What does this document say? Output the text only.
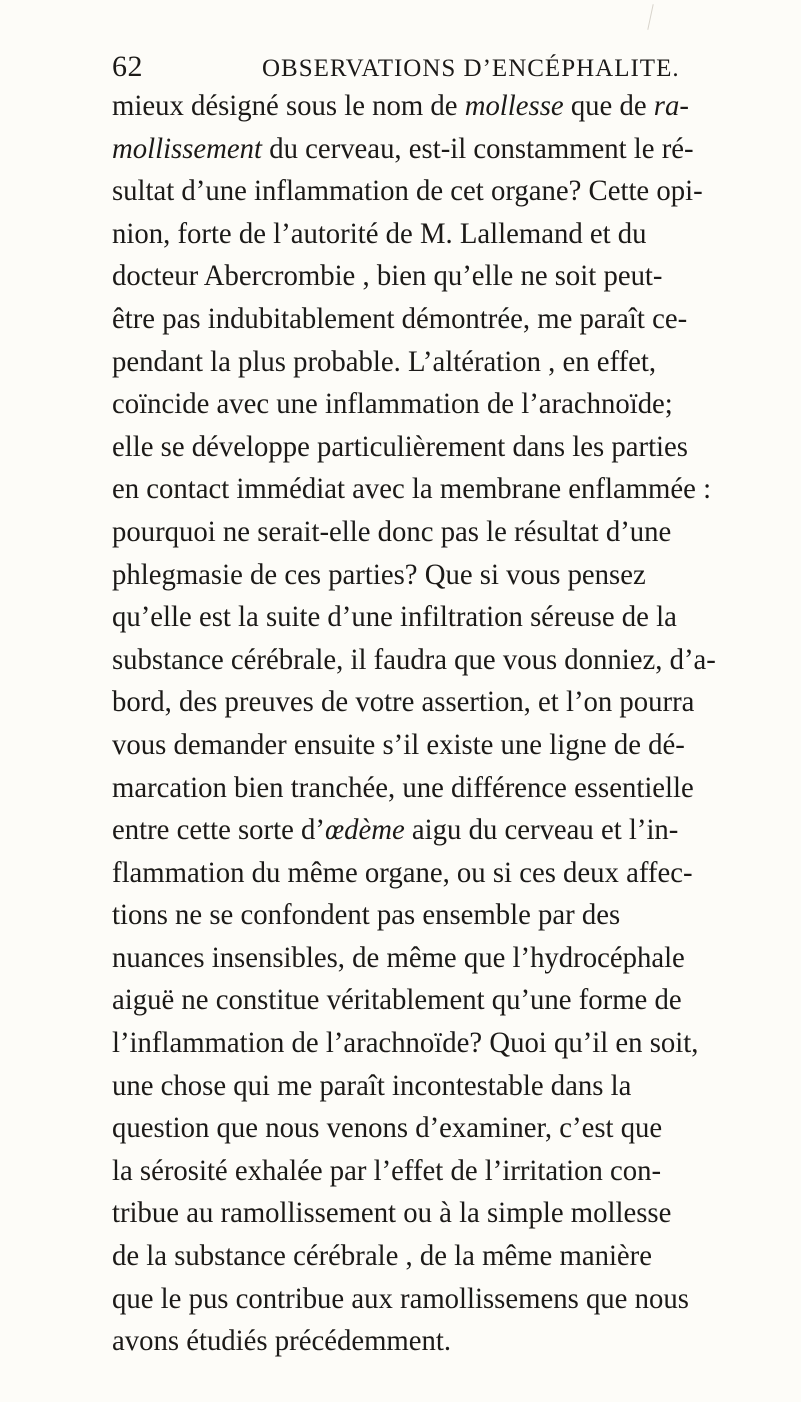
62	OBSERVATIONS D’ENCÉPHALITE.
mieux désigné sous le nom de mollesse que de ra-
mollissement du cerveau, est-il constamment le ré-
sultat d’une inflammation de cet organe? Cette opi-
nion, forte de l’autorité de M. Lallemand et du
docteur Abercrombie , bien qu’elle ne soit peut-
être pas indubitablement démontrée, me paraît ce-
pendant la plus probable. L’altération , en effet,
coïncide avec une inflammation de l’arachnoïde;
elle se développe particulièrement dans les parties
en contact immédiat avec la membrane enflammée :
pourquoi ne serait-elle donc pas le résultat d’une
phlegmasie de ces parties? Que si vous pensez
qu’elle est la suite d’une infiltration séreuse de la
substance cérébrale, il faudra que vous donniez, d’a-
bord, des preuves de votre assertion, et l’on pourra
vous demander ensuite s’il existe une ligne de dé-
marcation bien tranchée, une différence essentielle
entre cette sorte d’œdème aigu du cerveau et l’in-
flammation du même organe, ou si ces deux affec-
tions ne se confondent pas ensemble par des
nuances insensibles, de même que l’hydrocéphale
aiguë ne constitue véritablement qu’une forme de
l’inflammation de l’arachnoïde? Quoi qu’il en soit,
une chose qui me paraît incontestable dans la
question que nous venons d’examiner, c’est que
la sérosité exhalée par l’effet de l’irritation con-
tribue au ramollissement ou à la simple mollesse
de la substance cérébrale , de la même manière
que le pus contribue aux ramollissemens que nous
avons étudiés précédemment.
